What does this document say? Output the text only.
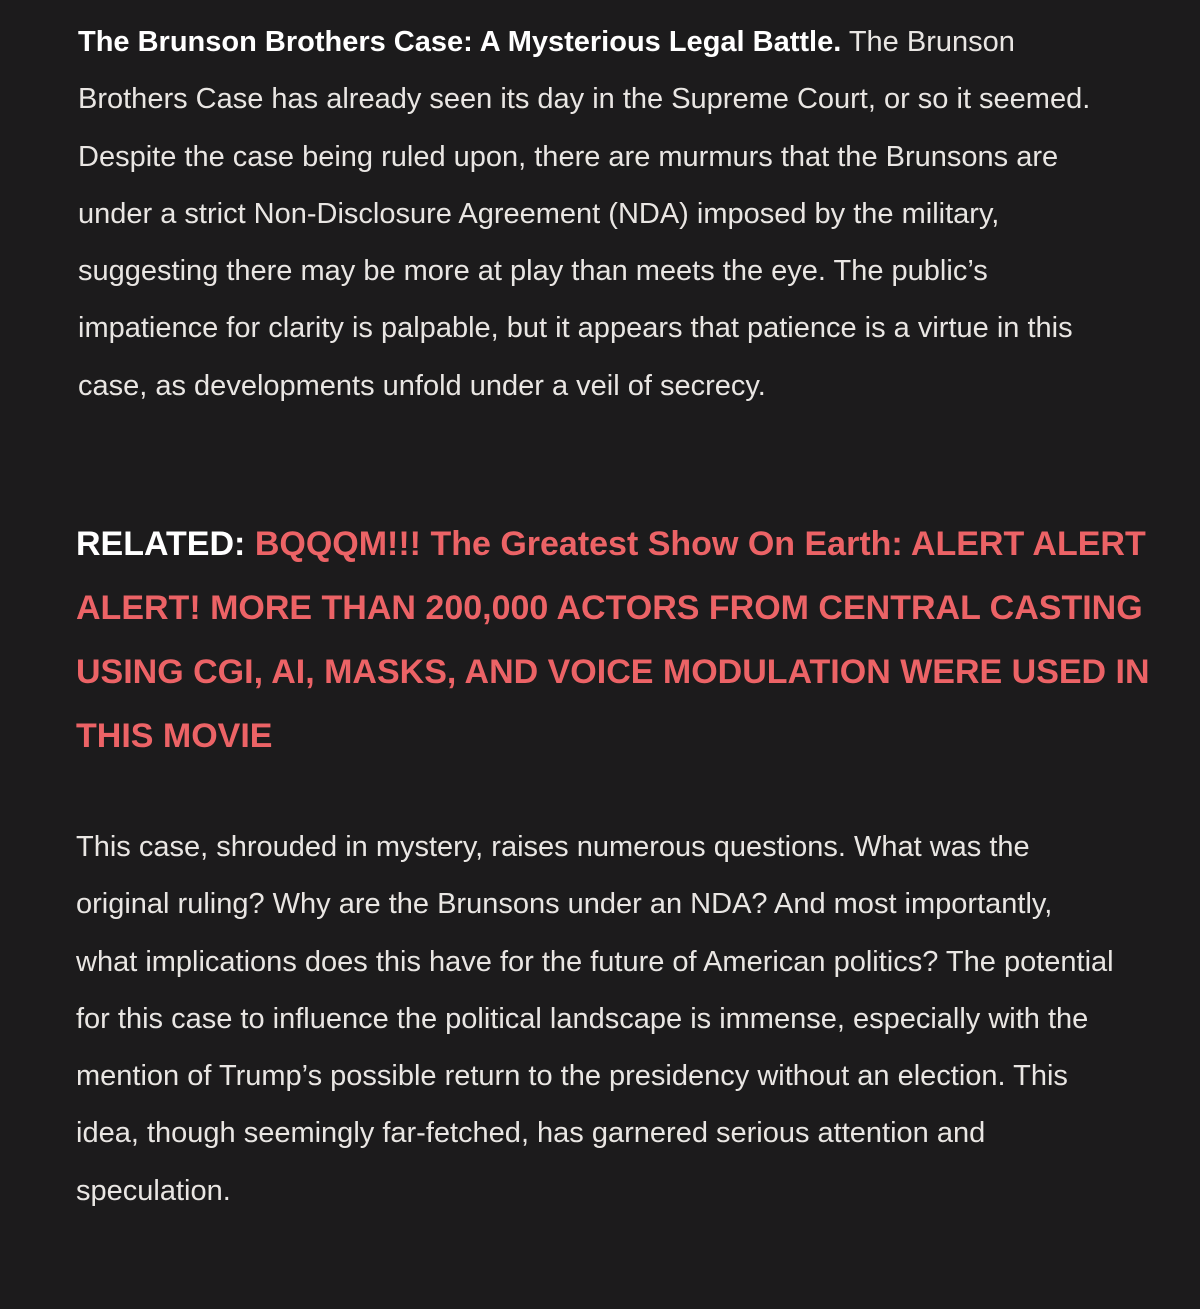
The Brunson Brothers Case: A Mysterious Legal Battle. The Brunson Brothers Case has already seen its day in the Supreme Court, or so it seemed. Despite the case being ruled upon, there are murmurs that the Brunsons are under a strict Non-Disclosure Agreement (NDA) imposed by the military, suggesting there may be more at play than meets the eye. The public’s impatience for clarity is palpable, but it appears that patience is a virtue in this case, as developments unfold under a veil of secrecy.

RELATED: BQQQM!!! The Greatest Show On Earth: ALERT ALERT ALERT! MORE THAN 200,000 ACTORS FROM CENTRAL CASTING USING CGI, AI, MASKS, AND VOICE MODULATION WERE USED IN THIS MOVIE

This case, shrouded in mystery, raises numerous questions. What was the original ruling? Why are the Brunsons under an NDA? And most importantly, what implications does this have for the future of American politics? The potential for this case to influence the political landscape is immense, especially with the mention of Trump’s possible return to the presidency without an election. This idea, though seemingly far-fetched, has garnered serious attention and speculation.
